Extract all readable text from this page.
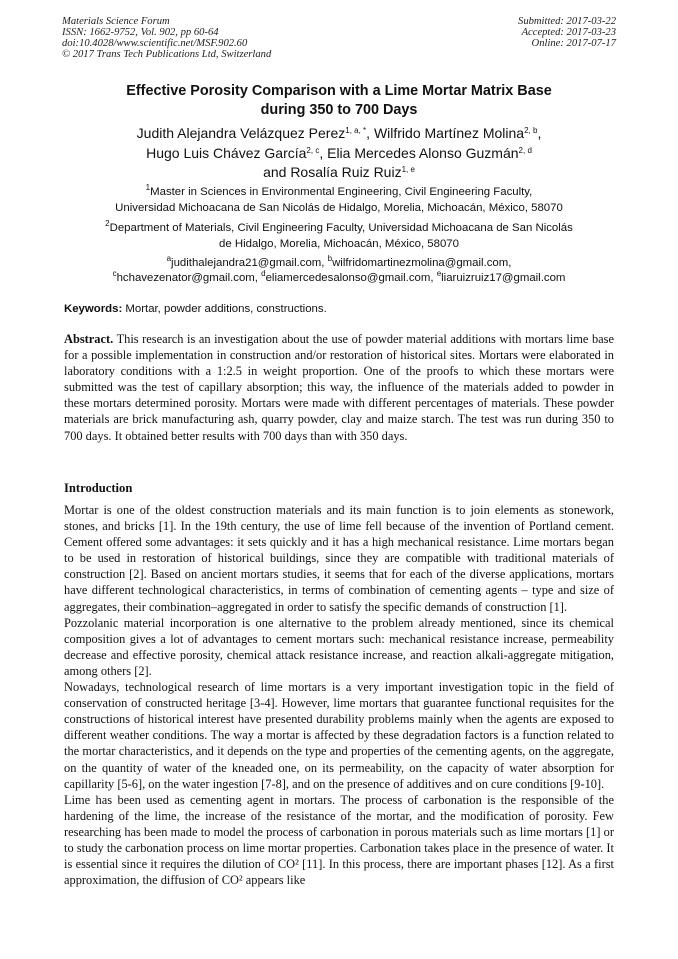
Materials Science Forum
ISSN: 1662-9752, Vol. 902, pp 60-64
doi:10.4028/www.scientific.net/MSF.902.60
© 2017 Trans Tech Publications Ltd, Switzerland
Submitted: 2017-03-22
Accepted: 2017-03-23
Online: 2017-07-17
Effective Porosity Comparison with a Lime Mortar Matrix Base
during 350 to 700 Days
Judith Alejandra Velázquez Perez$^{1, a, *}$, Wilfrido Martínez Molina$^{2, b}$,
Hugo Luis Chávez García$^{2, c}$, Elia Mercedes Alonso Guzmán$^{2, d}$
and Rosalía Ruiz Ruiz$^{1, e}$
$^1$Master in Sciences in Environmental Engineering, Civil Engineering Faculty,
Universidad Michoacana de San Nicolás de Hidalgo, Morelia, Michoacán, México, 58070
$^2$Department of Materials, Civil Engineering Faculty, Universidad Michoacana de San Nicolás
de Hidalgo, Morelia, Michoacán, México, 58070
$^a$judithalejandra21@gmail.com, $^b$wilfridomartinezmolina@gmail.com,
$^c$hchavezenator@gmail.com, $^d$eliamercedesalonso@gmail.com, $^e$liaruizruiz17@gmail.com
Keywords: Mortar, powder additions, constructions.
Abstract. This research is an investigation about the use of powder material additions with mortars lime base for a possible implementation in construction and/or restoration of historical sites. Mortars were elaborated in laboratory conditions with a 1:2.5 in weight proportion. One of the proofs to which these mortars were submitted was the test of capillary absorption; this way, the influence of the materials added to powder in these mortars determined porosity. Mortars were made with different percentages of materials. These powder materials are brick manufacturing ash, quarry powder, clay and maize starch. The test was run during 350 to 700 days. It obtained better results with 700 days than with 350 days.
Introduction

Mortar is one of the oldest construction materials and its main function is to join elements as stonework, stones, and bricks [1]. In the 19th century, the use of lime fell because of the invention of Portland cement. Cement offered some advantages: it sets quickly and it has a high mechanical resistance. Lime mortars began to be used in restoration of historical buildings, since they are compatible with traditional materials of construction [2]. Based on ancient mortars studies, it seems that for each of the diverse applications, mortars have different technological characteristics, in terms of combination of cementing agents – type and size of aggregates, their combination–aggregated in order to satisfy the specific demands of construction [1].

Pozzolanic material incorporation is one alternative to the problem already mentioned, since its chemical composition gives a lot of advantages to cement mortars such: mechanical resistance increase, permeability decrease and effective porosity, chemical attack resistance increase, and reaction alkali-aggregate mitigation, among others [2].

Nowadays, technological research of lime mortars is a very important investigation topic in the field of conservation of constructed heritage [3-4]. However, lime mortars that guarantee functional requisites for the constructions of historical interest have presented durability problems mainly when the agents are exposed to different weather conditions. The way a mortar is affected by these degradation factors is a function related to the mortar characteristics, and it depends on the type and properties of the cementing agents, on the aggregate, on the quantity of water of the kneaded one, on its permeability, on the capacity of water absorption for capillarity [5-6], on the water ingestion [7-8], and on the presence of additives and on cure conditions [9-10].

Lime has been used as cementing agent in mortars. The process of carbonation is the responsible of the hardening of the lime, the increase of the resistance of the mortar, and the modification of porosity. Few researching has been made to model the process of carbonation in porous materials such as lime mortars [1] or to study the carbonation process on lime mortar properties. Carbonation takes place in the presence of water. It is essential since it requires the dilution of CO² [11]. In this process, there are important phases [12]. As a first approximation, the diffusion of CO² appears like
